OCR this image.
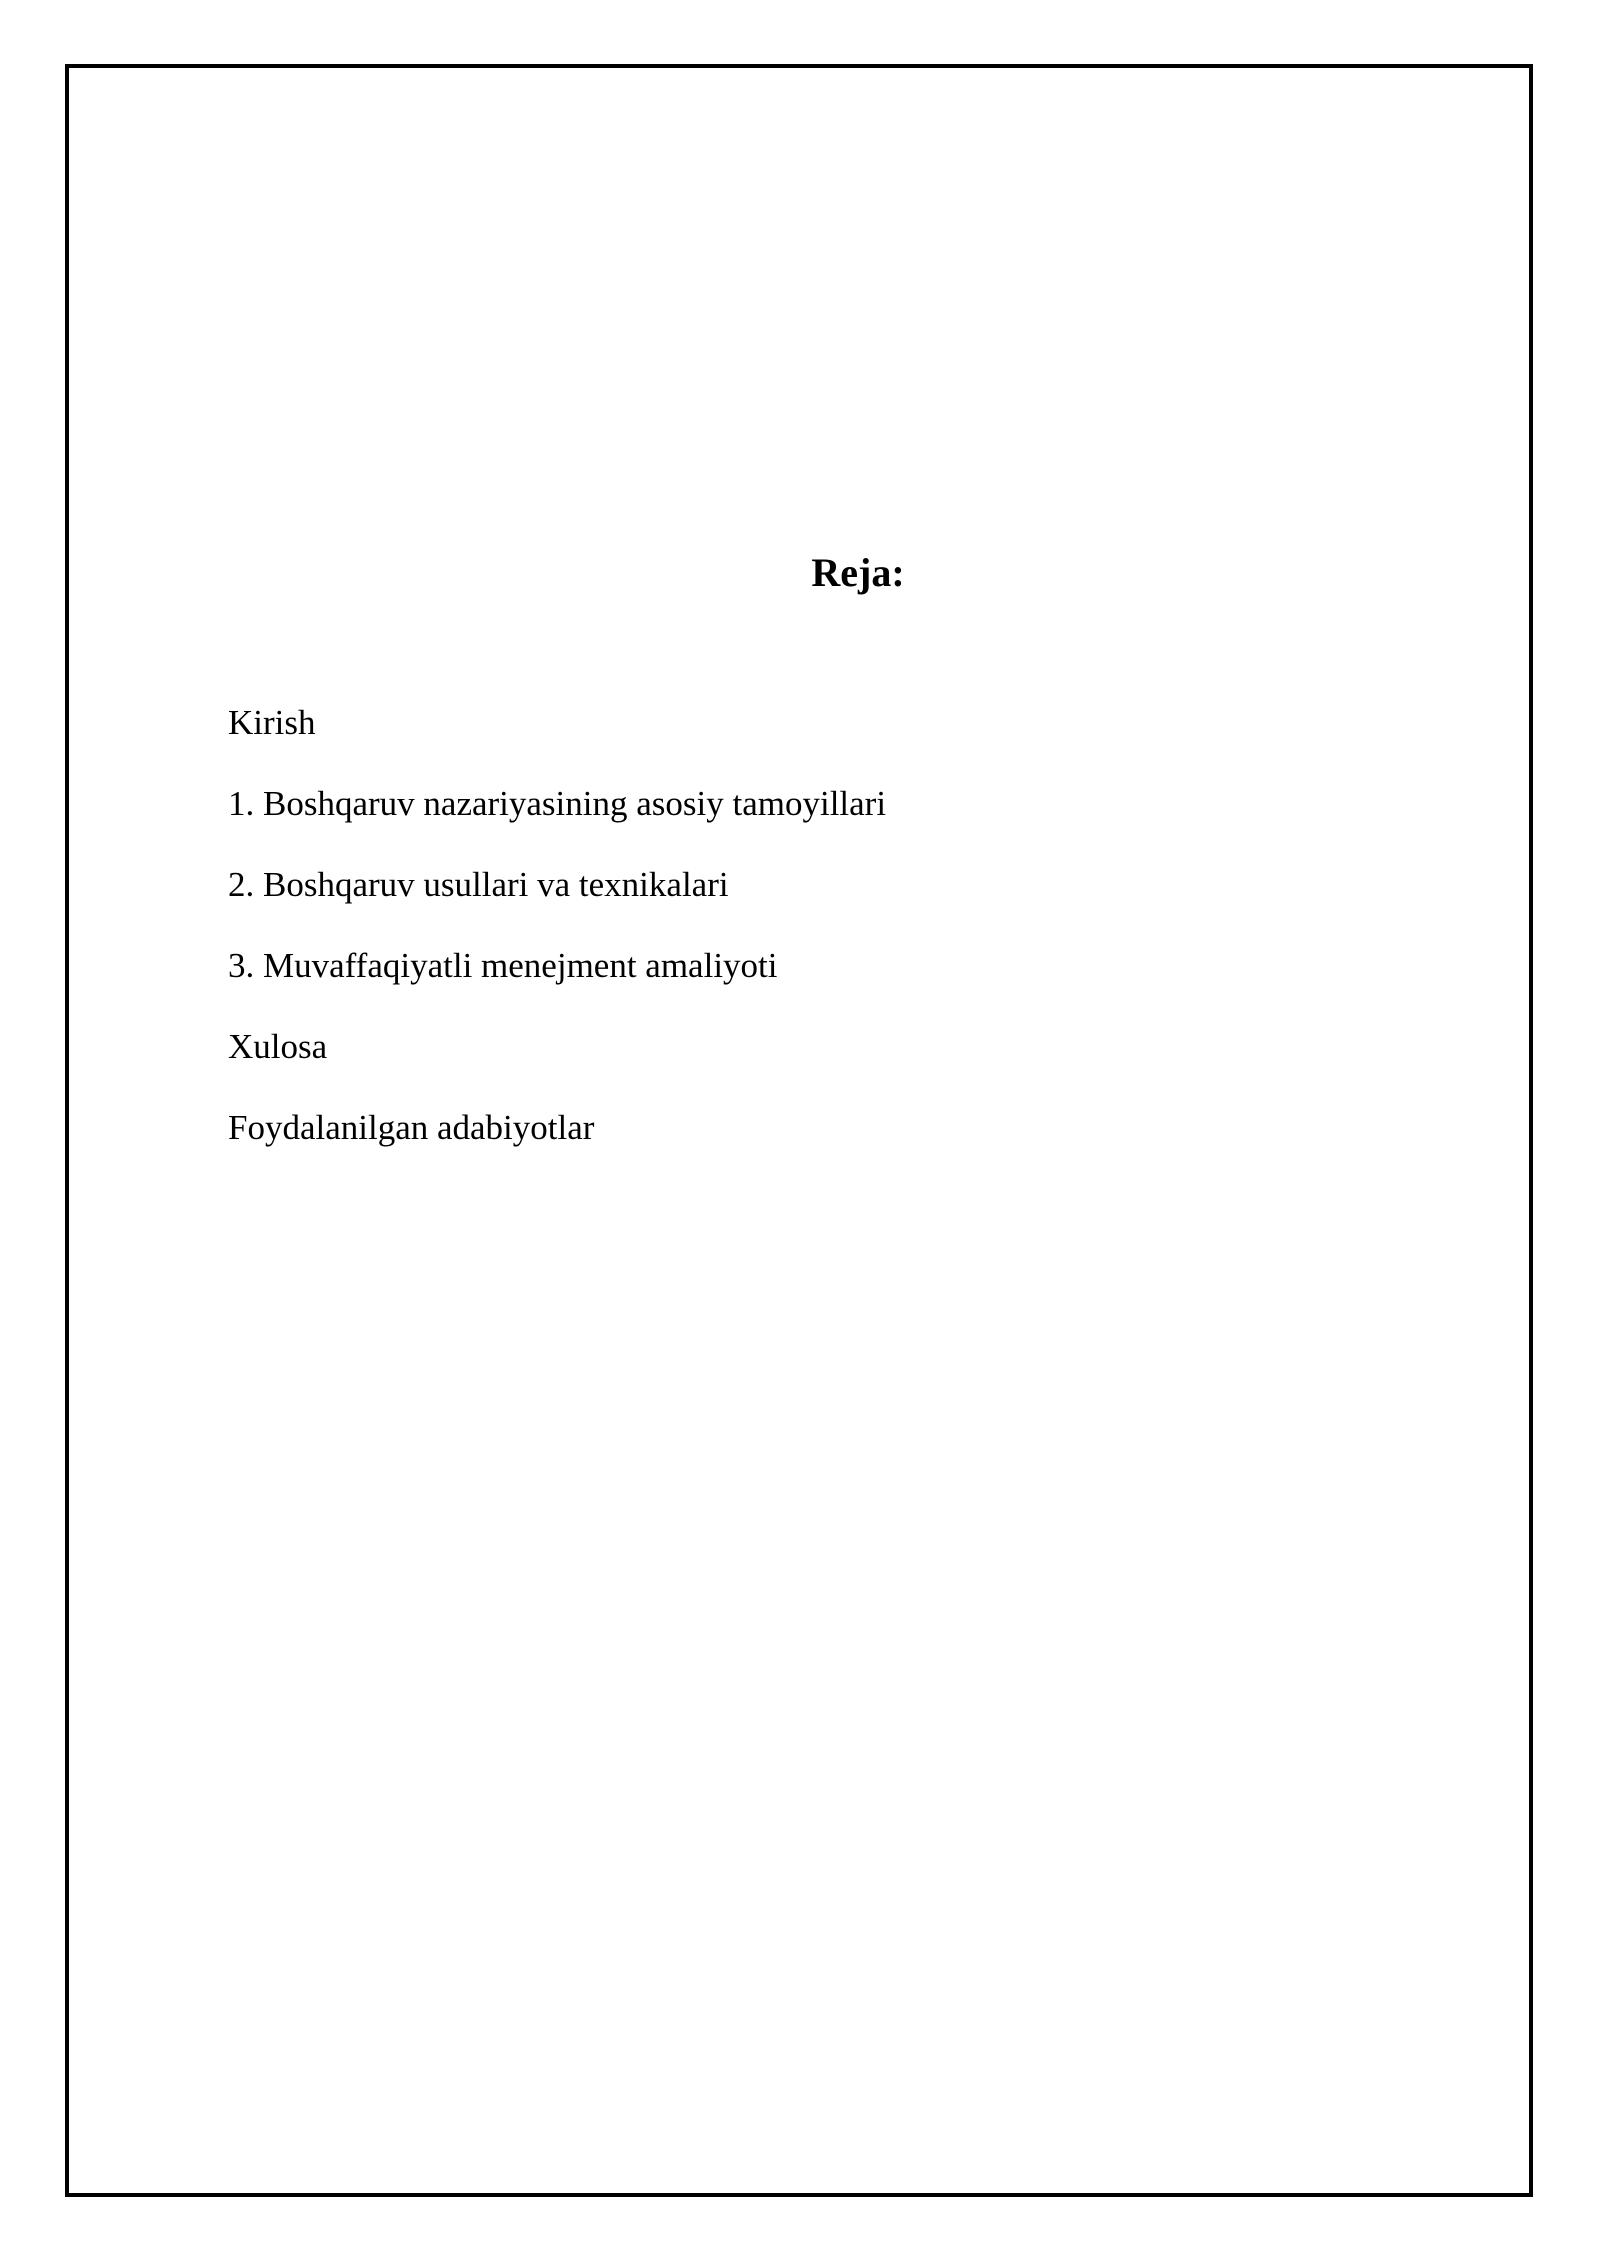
Reja:
Kirish
1. Boshqaruv nazariyasining asosiy tamoyillari
2. Boshqaruv usullari va texnikalari
3. Muvaffaqiyatli menejment amaliyoti
Xulosa
Foydalanilgan adabiyotlar
